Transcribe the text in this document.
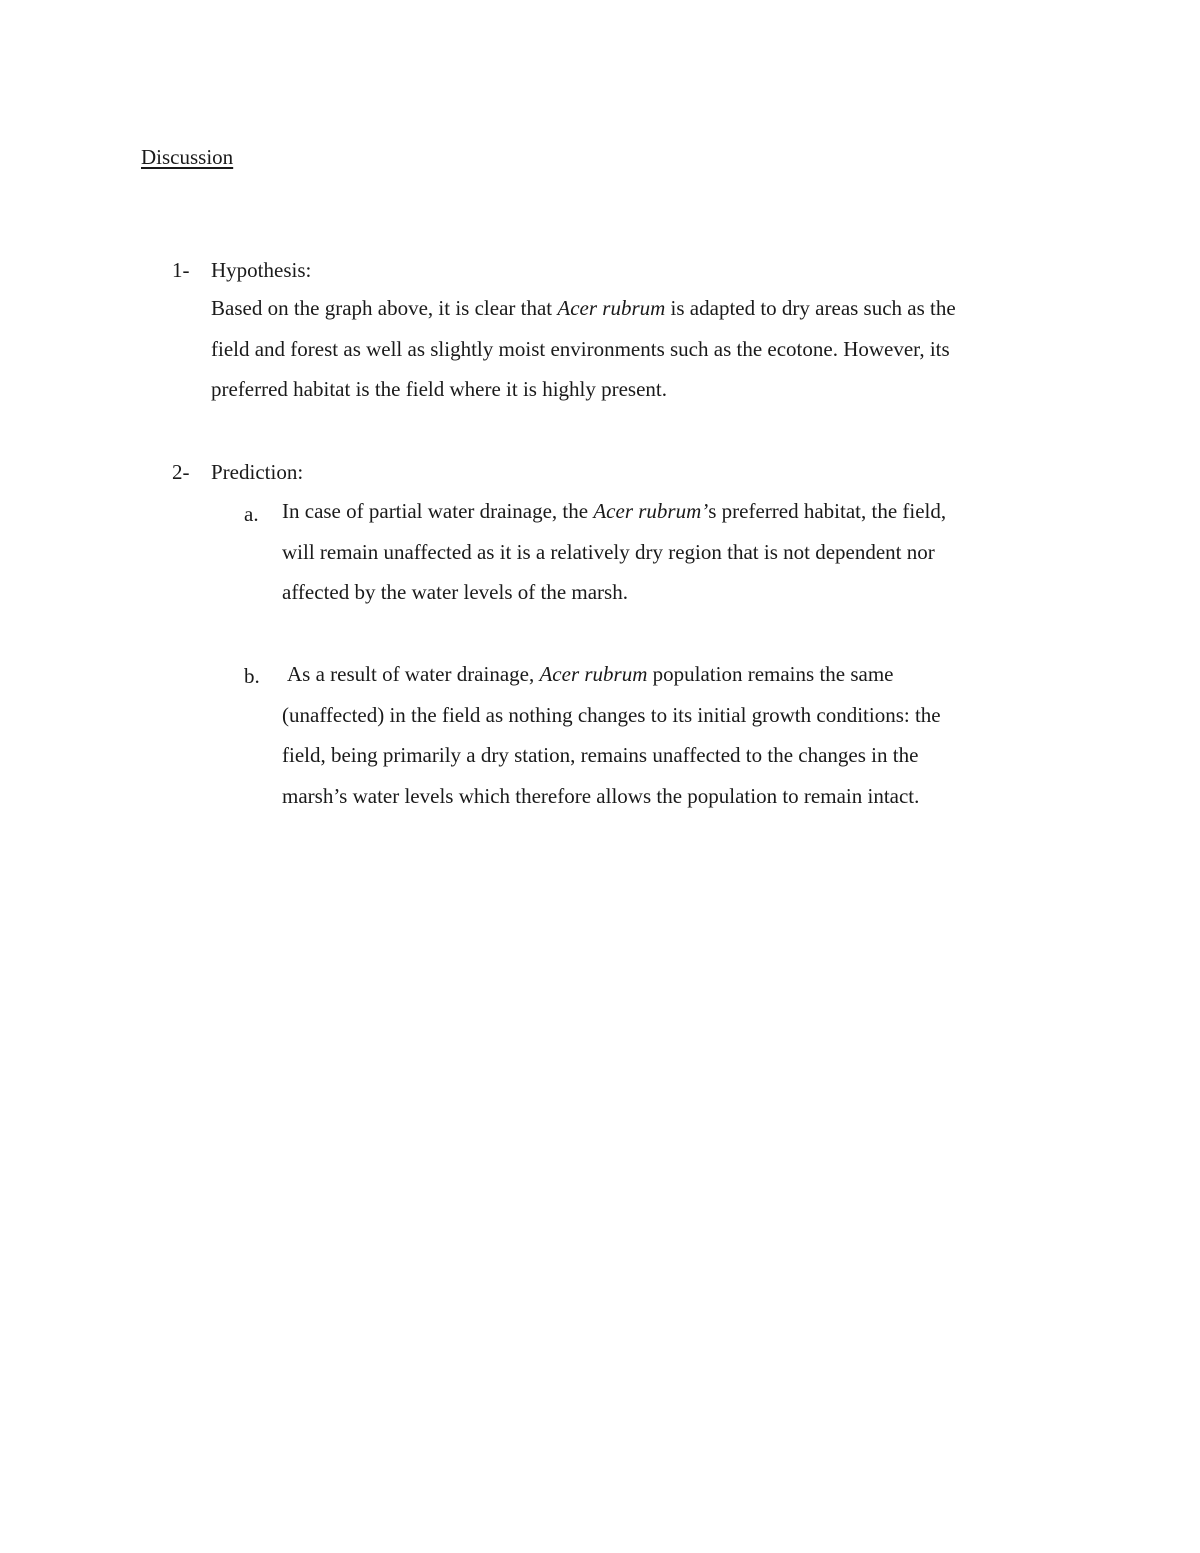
Discussion
1- Hypothesis:

Based on the graph above, it is clear that Acer rubrum is adapted to dry areas such as the

field and forest as well as slightly moist environments such as the ecotone. However, its

preferred habitat is the field where it is highly present.

2- Prediction:
a. In case of partial water drainage, the Acer rubrum’s preferred habitat, the field,

will remain unaffected as it is a relatively dry region that is not dependent nor

affected by the water levels of the marsh.

b. As a result of water drainage, Acer rubrum population remains the same

(unaffected) in the field as nothing changes to its initial growth conditions: the

field, being primarily a dry station, remains unaffected to the changes in the

marsh’s water levels which therefore allows the population to remain intact.
